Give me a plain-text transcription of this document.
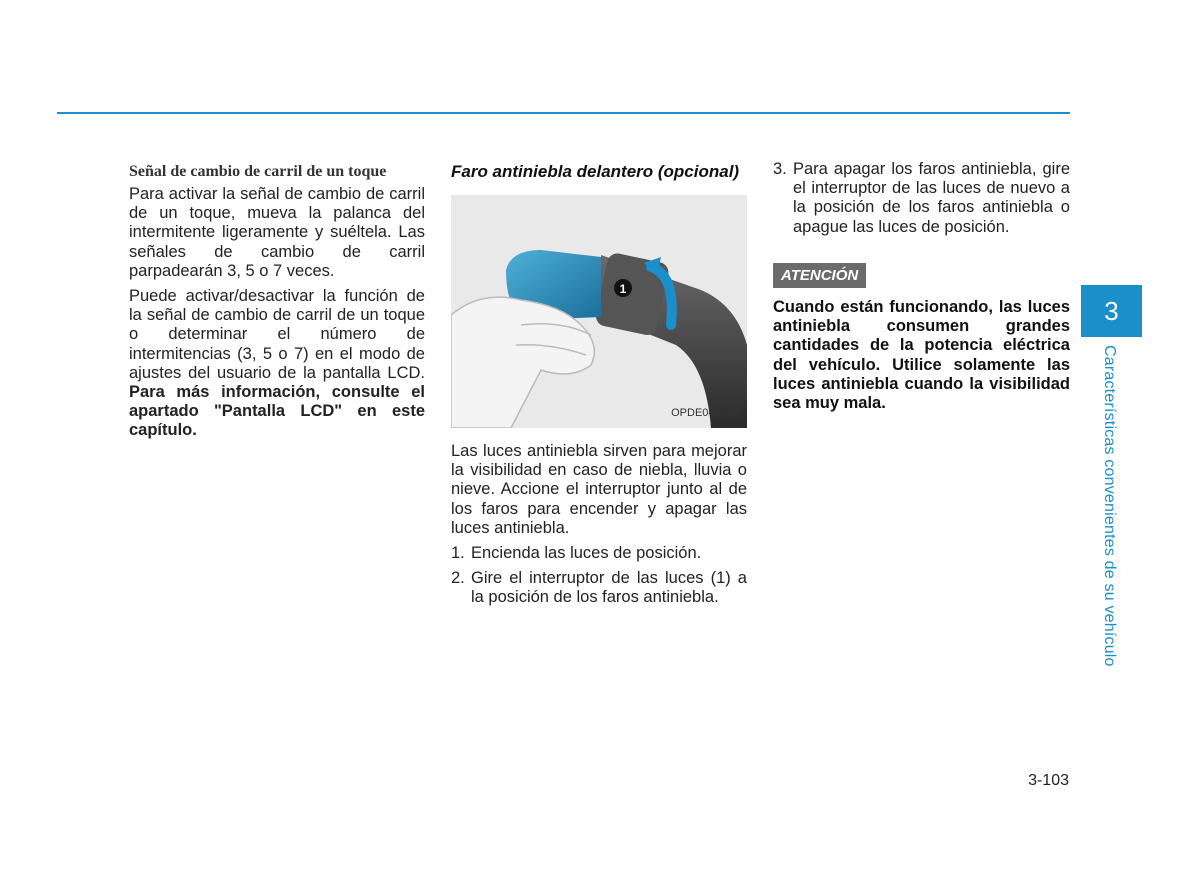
Señal de cambio de carril de un toque

Para activar la señal de cambio de carril de un toque, mueva la palanca del intermitente ligeramente y suéltela. Las señales de cambio de carril parpadearán 3, 5 o 7 veces.

Puede activar/desactivar la función de la señal de cambio de carril de un toque o determinar el número de intermitencias (3, 5 o 7) en el modo de ajustes del usuario de la pantalla LCD. Para más información, consulte el apartado "Pantalla LCD" en este capítulo.

Faro antiniebla delantero (opcional)
1
OPDE046066

Las luces antiniebla sirven para mejorar la visibilidad en caso de niebla, lluvia o nieve. Accione el interruptor junto al de los faros para encender y apagar las luces antiniebla.

1. Encienda las luces de posición.
2. Gire el interruptor de las luces (1) a la posición de los faros antiniebla.
3. Para apagar los faros antiniebla, gire el interruptor de las luces de nuevo a la posición de los faros antiniebla o apague las luces de posición.
ATENCIÓN
Cuando están funcionando, las luces antiniebla consumen grandes cantidades de la potencia eléctrica del vehículo. Utilice solamente las luces antiniebla cuando la visibilidad sea muy mala.
3
Características convenientes de su vehículo
3-103
